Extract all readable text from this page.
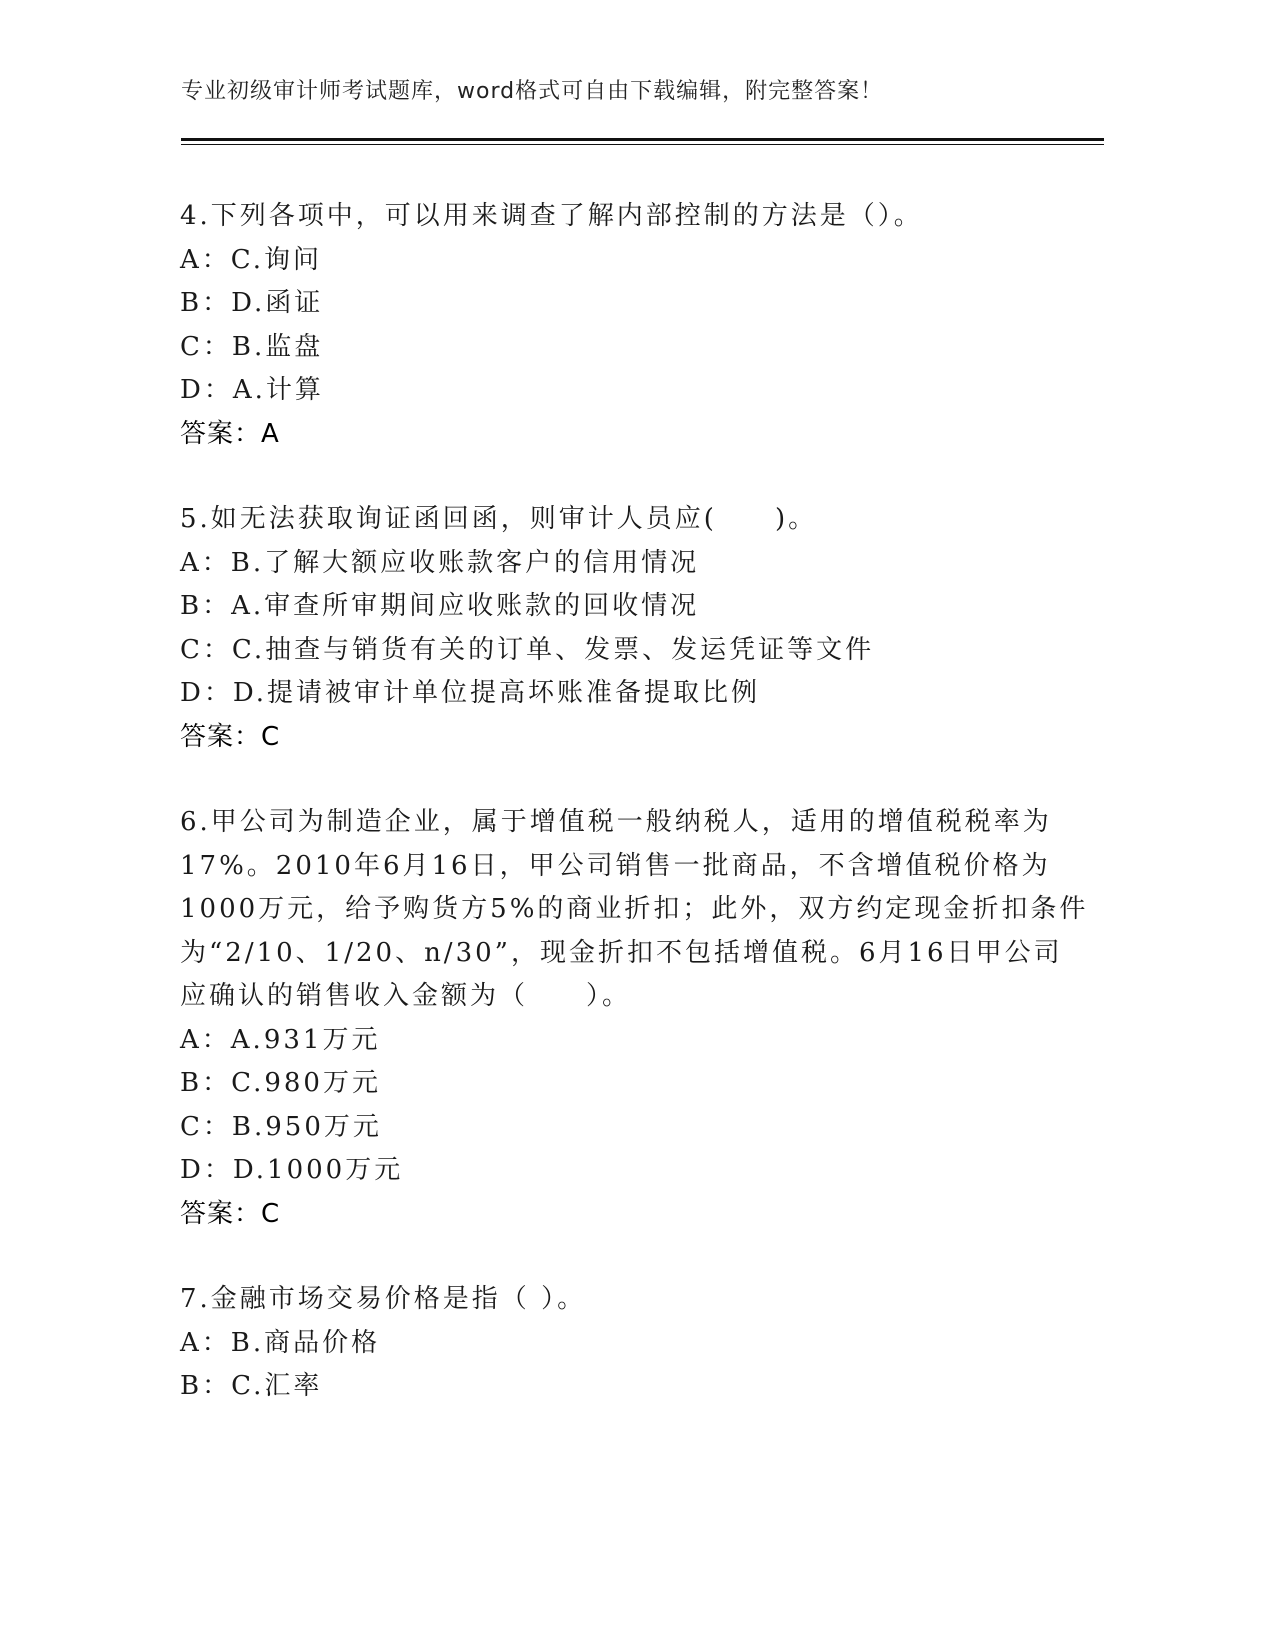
专业初级审计师考试题库，word格式可自由下载编辑，附完整答案！
4.下列各项中，可以用来调查了解内部控制的方法是（）。
A：C.询问
B：D.函证
C：B.监盘
D：A.计算
答案：A
5.如无法获取询证函回函，则审计人员应(　　)。
A：B.了解大额应收账款客户的信用情况
B：A.审查所审期间应收账款的回收情况
C：C.抽查与销货有关的订单、发票、发运凭证等文件
D：D.提请被审计单位提高坏账准备提取比例
答案：C
6.甲公司为制造企业，属于增值税一般纳税人，适用的增值税税率为
17%。2010年6月16日，甲公司销售一批商品，不含增值税价格为
1000万元，给予购货方5%的商业折扣；此外，双方约定现金折扣条件
为“2/10、1/20、n/30”，现金折扣不包括增值税。6月16日甲公司
应确认的销售收入金额为（　　）。
A：A.931万元
B：C.980万元
C：B.950万元
D：D.1000万元
答案：C
7.金融市场交易价格是指（ ）。
A：B.商品价格
B：C.汇率
